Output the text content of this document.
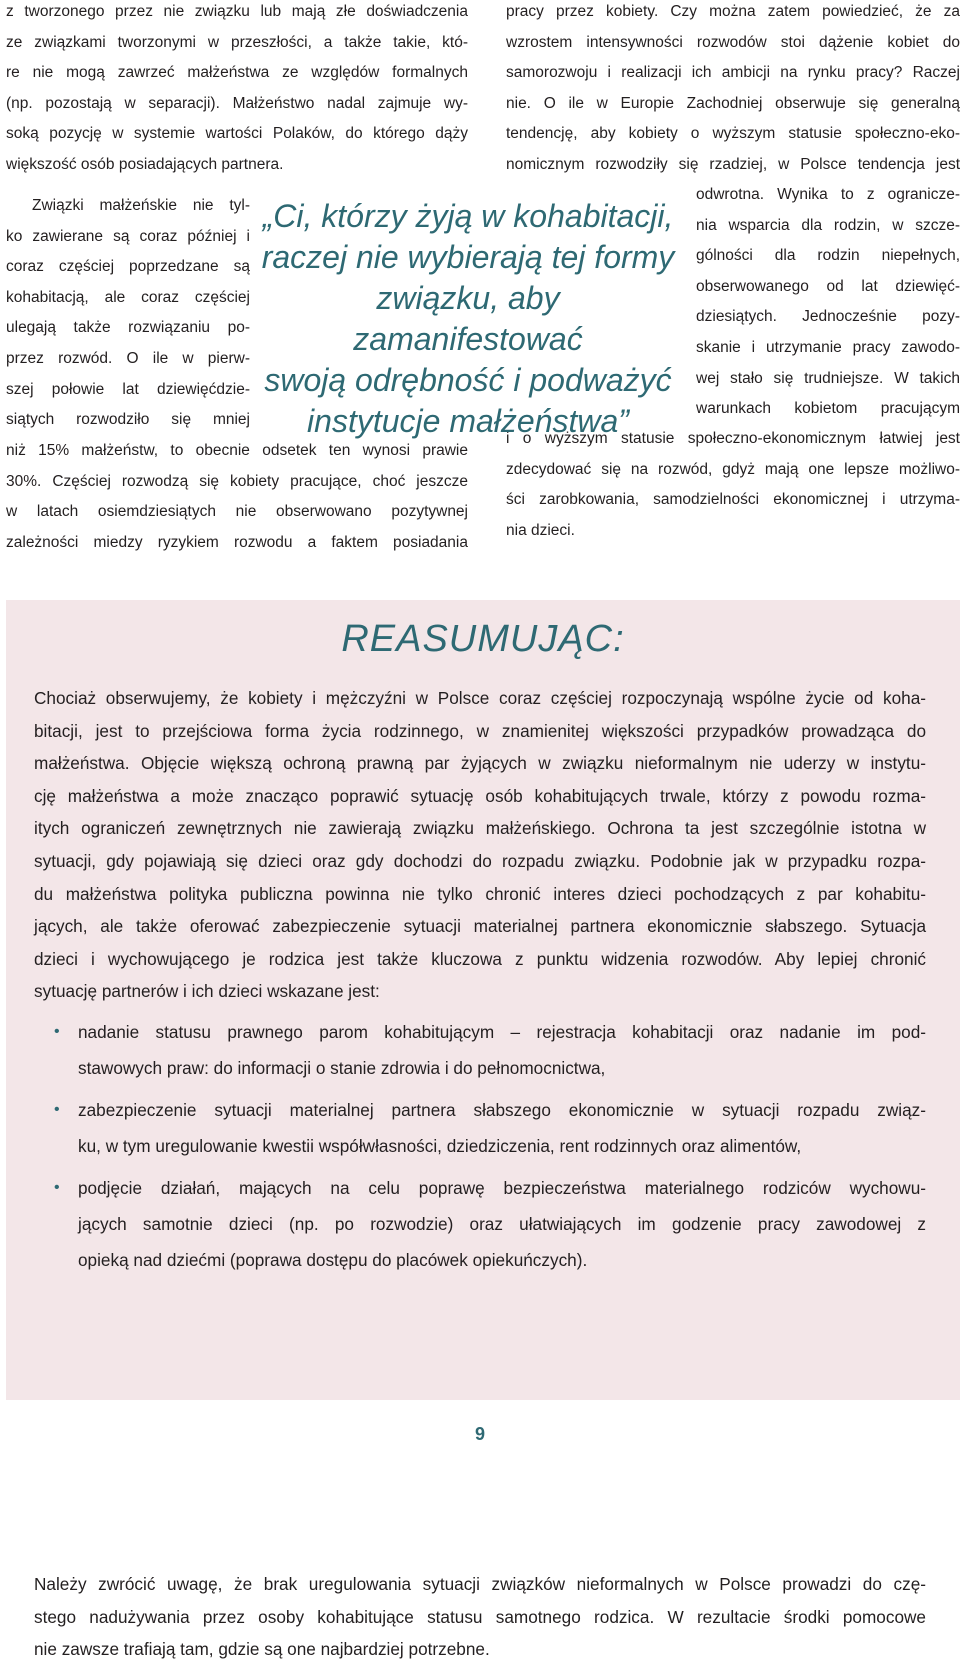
z tworzonego przez nie związku lub mają złe doświadczenia

ze związkami tworzonymi w przeszłości, a także takie, któ-

re nie mogą zawrzeć małżeństwa ze względów formalnych

(np. pozostają w separacji). Małżeństwo nadal zajmuje wy-

soką pozycję w systemie wartości Polaków, do którego dąży

większość osób posiadających partnera.

Związki małżeńskie nie tyl-

ko zawierane są coraz później i

coraz częściej poprzedzane są

kohabitacją, ale coraz częściej

ulegają także rozwiązaniu po-

przez rozwód. O ile w pierw-

szej połowie lat dziewięćdzie-

siątych rozwodziło się mniej

niż 15% małżeństw, to obecnie odsetek ten wynosi prawie

30%. Częściej rozwodzą się kobiety pracujące, choć jeszcze

w latach osiemdziesiątych nie obserwowano pozytywnej

zależności miedzy ryzykiem rozwodu a faktem posiadania

pracy przez kobiety. Czy można zatem powiedzieć, że za

wzrostem intensywności rozwodów stoi dążenie kobiet do

samorozwoju i realizacji ich ambicji na rynku pracy? Raczej

nie. O ile w Europie Zachodniej obserwuje się generalną

tendencję, aby kobiety o wyższym statusie społeczno-eko-

nomicznym rozwodziły się rzadziej, w Polsce tendencja jest

odwrotna. Wynika to z ogranicze-

nia wsparcia dla rodzin, w szcze-

gólności dla rodzin niepełnych,

obserwowanego od lat dziewięć-

dziesiątych. Jednocześnie pozy-

skanie i utrzymanie pracy zawodo-

wej stało się trudniejsze. W takich

warunkach kobietom pracującym

i o wyższym statusie społeczno-ekonomicznym łatwiej jest

zdecydować się na rozwód, gdyż mają one lepsze możliwo-

ści zarobkowania, samodzielności ekonomicznej i utrzyma-

nia dzieci.

„Ci, którzy żyją w kohabitacji,
raczej nie wybierają tej formy
związku, aby zamanifestować
swoją odrębność i podważyć
instytucje małżeństwa”
REASUMUJĄC:

Chociaż obserwujemy, że kobiety i mężczyźni w Polsce coraz częściej rozpoczynają wspólne życie od koha-

bitacji, jest to przejściowa forma życia rodzinnego, w znamienitej większości przypadków prowadząca do

małżeństwa. Objęcie większą ochroną prawną par żyjących w związku nieformalnym nie uderzy w instytu-

cję małżeństwa a może znacząco poprawić sytuację osób kohabitujących trwale, którzy z powodu rozma-

itych ograniczeń zewnętrznych nie zawierają związku małżeńskiego. Ochrona ta jest szczególnie istotna w

sytuacji, gdy pojawiają się dzieci oraz gdy dochodzi do rozpadu związku. Podobnie jak w przypadku rozpa-

du małżeństwa polityka publiczna powinna nie tylko chronić interes dzieci pochodzących z par kohabitu-

jących, ale także oferować zabezpieczenie sytuacji materialnej partnera ekonomicznie słabszego. Sytuacja

dzieci i wychowującego je rodzica jest także kluczowa z punktu widzenia rozwodów. Aby lepiej chronić

sytuację partnerów i ich dzieci wskazane jest:

• nadanie statusu prawnego parom kohabitującym – rejestracja kohabitacji oraz nadanie im pod-
stawowych praw: do informacji o stanie zdrowia i do pełnomocnictwa,
• zabezpieczenie sytuacji materialnej partnera słabszego ekonomicznie w sytuacji rozpadu związ-
ku, w tym uregulowanie kwestii współwłasności, dziedziczenia, rent rodzinnych oraz alimentów,
• podjęcie działań, mających na celu poprawę bezpieczeństwa materialnego rodziców wychowu-
jących samotnie dzieci (np. po rozwodzie) oraz ułatwiających im godzenie pracy zawodowej z
opieką nad dziećmi (poprawa dostępu do placówek opiekuńczych).
Należy zwrócić uwagę, że brak uregulowania sytuacji związków nieformalnych w Polsce prowadzi do czę-
stego nadużywania przez osoby kohabitujące statusu samotnego rodzica. W rezultacie środki pomocowe
nie zawsze trafiają tam, gdzie są one najbardziej potrzebne.
9
